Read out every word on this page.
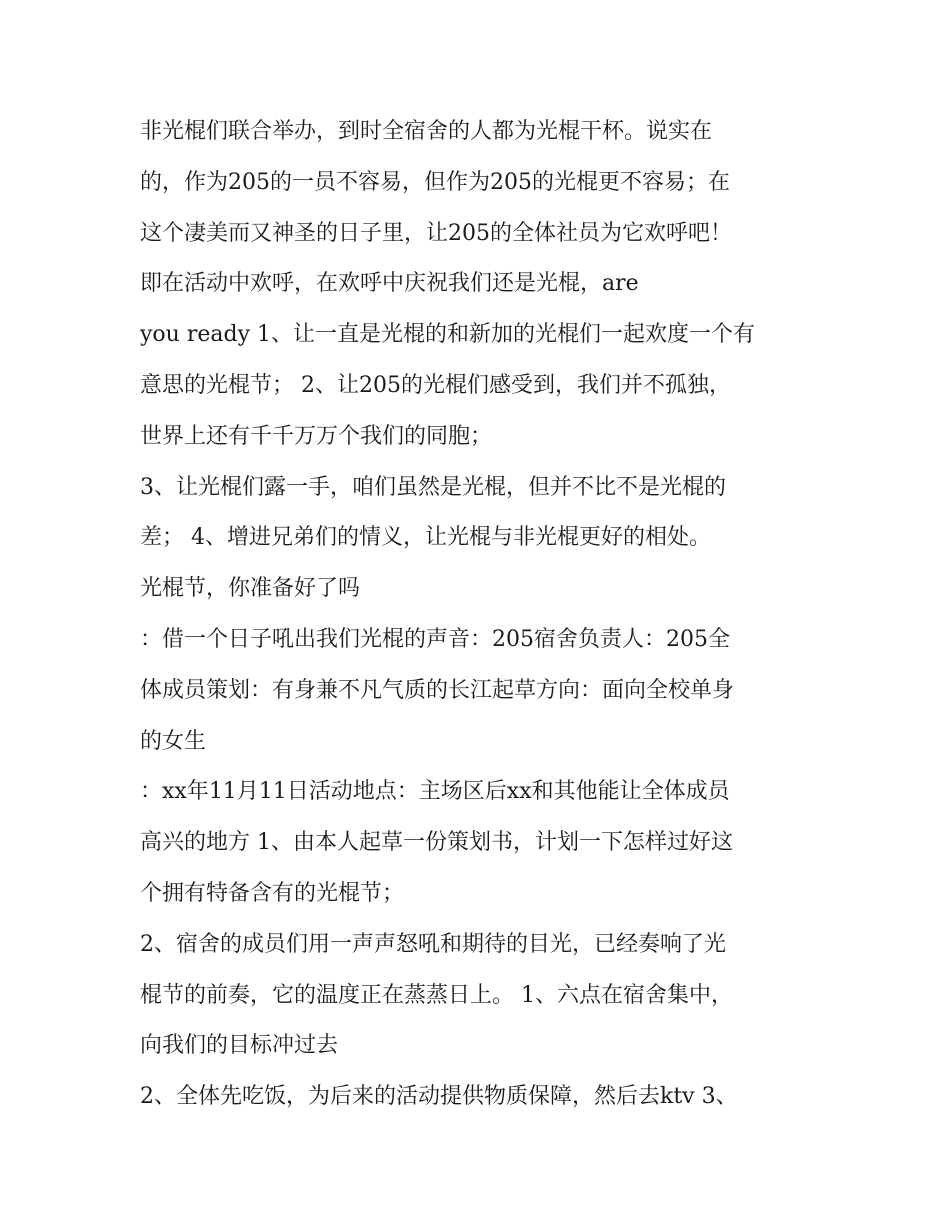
非光棍们联合举办，到时全宿舍的人都为光棍干杯。说实在
的，作为205的一员不容易，但作为205的光棍更不容易；在
这个凄美而又神圣的日子里，让205的全体社员为它欢呼吧！
即在活动中欢呼，在欢呼中庆祝我们还是光棍，are
you ready 1、让一直是光棍的和新加的光棍们一起欢度一个有
意思的光棍节； 2、让205的光棍们感受到，我们并不孤独，
世界上还有千千万万个我们的同胞；
3、让光棍们露一手，咱们虽然是光棍，但并不比不是光棍的
差； 4、增进兄弟们的情义，让光棍与非光棍更好的相处。
光棍节，你准备好了吗
：借一个日子吼出我们光棍的声音：205宿舍负责人：205全
体成员策划：有身兼不凡气质的长江起草方向：面向全校单身
的女生
：xx年11月11日活动地点：主场区后xx和其他能让全体成员
高兴的地方 1、由本人起草一份策划书，计划一下怎样过好这
个拥有特备含有的光棍节；
2、宿舍的成员们用一声声怒吼和期待的目光，已经奏响了光
棍节的前奏，它的温度正在蒸蒸日上。 1、六点在宿舍集中，
向我们的目标冲过去
2、全体先吃饭，为后来的活动提供物质保障，然后去ktv 3、
